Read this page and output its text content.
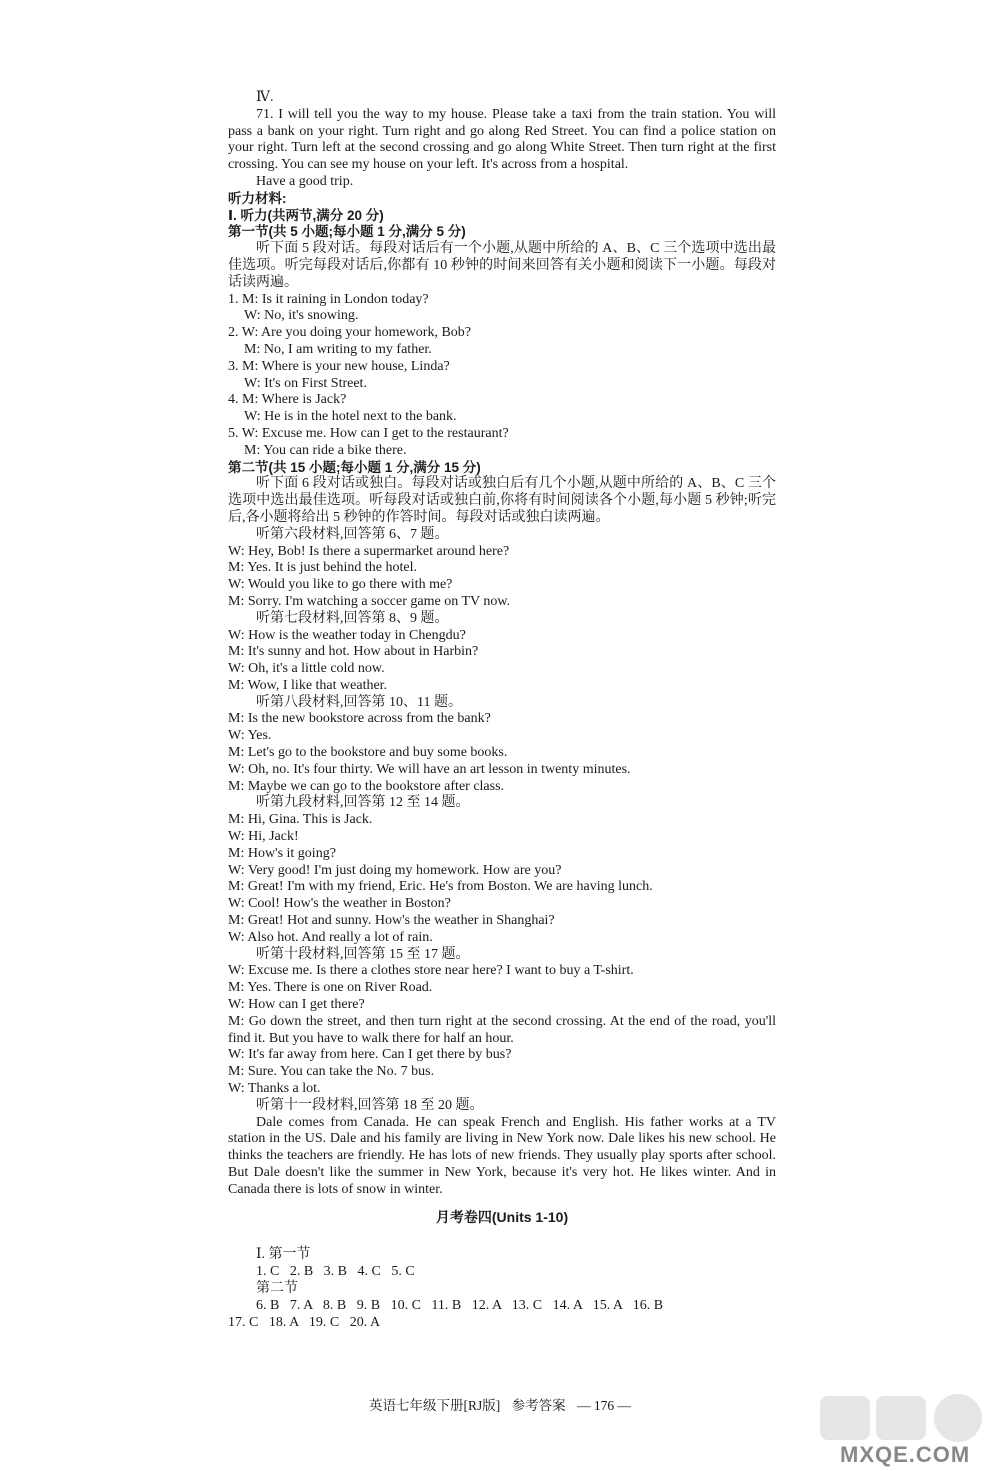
Ⅳ.

71. I will tell you the way to my house. Please take a taxi from the train station. You will pass a bank on your right. Turn right and go along Red Street. You can find a police station on your right. Turn left at the second crossing and go along White Street. Then turn right at the first crossing. You can see my house on your left. It's across from a hospital.

Have a good trip.

听力材料:

Ⅰ. 听力(共两节,满分 20 分)

第一节(共 5 小题;每小题 1 分,满分 5 分)

听下面 5 段对话。每段对话后有一个小题,从题中所给的 A、B、C 三个选项中选出最佳选项。听完每段对话后,你都有 10 秒钟的时间来回答有关小题和阅读下一小题。每段对话读两遍。

1. M: Is it raining in London today?

W: No, it's snowing.

2. W: Are you doing your homework, Bob?

M: No, I am writing to my father.

3. M: Where is your new house, Linda?

W: It's on First Street.

4. M: Where is Jack?

W: He is in the hotel next to the bank.

5. W: Excuse me. How can I get to the restaurant?

M: You can ride a bike there.

第二节(共 15 小题;每小题 1 分,满分 15 分)

听下面 6 段对话或独白。每段对话或独白后有几个小题,从题中所给的 A、B、C 三个选项中选出最佳选项。听每段对话或独白前,你将有时间阅读各个小题,每小题 5 秒钟;听完后,各小题将给出 5 秒钟的作答时间。每段对话或独白读两遍。

听第六段材料,回答第 6、7 题。

W: Hey, Bob! Is there a supermarket around here?

M: Yes. It is just behind the hotel.

W: Would you like to go there with me?

M: Sorry. I'm watching a soccer game on TV now.

听第七段材料,回答第 8、9 题。

W: How is the weather today in Chengdu?

M: It's sunny and hot. How about in Harbin?

W: Oh, it's a little cold now.

M: Wow, I like that weather.

听第八段材料,回答第 10、11 题。

M: Is the new bookstore across from the bank?

W: Yes.

M: Let's go to the bookstore and buy some books.

W: Oh, no. It's four thirty. We will have an art lesson in twenty minutes.

M: Maybe we can go to the bookstore after class.

听第九段材料,回答第 12 至 14 题。

M: Hi, Gina. This is Jack.

W: Hi, Jack!

M: How's it going?

W: Very good! I'm just doing my homework. How are you?

M: Great! I'm with my friend, Eric. He's from Boston. We are having lunch.

W: Cool! How's the weather in Boston?

M: Great! Hot and sunny. How's the weather in Shanghai?

W: Also hot. And really a lot of rain.

听第十段材料,回答第 15 至 17 题。

W: Excuse me. Is there a clothes store near here? I want to buy a T-shirt.

M: Yes. There is one on River Road.

W: How can I get there?

M: Go down the street, and then turn right at the second crossing. At the end of the road, you'll find it. But you have to walk there for half an hour.

W: It's far away from here. Can I get there by bus?

M: Sure. You can take the No. 7 bus.

W: Thanks a lot.

听第十一段材料,回答第 18 至 20 题。

Dale comes from Canada. He can speak French and English. His father works at a TV station in the US. Dale and his family are living in New York now. Dale likes his new school. He thinks the teachers are friendly. He has lots of new friends. They usually play sports after school. But Dale doesn't like the summer in New York, because it's very hot. He likes winter. And in Canada there is lots of snow in winter.

月考卷四(Units 1-10)

Ⅰ. 第一节

1. C   2. B   3. B   4. C   5. C

第二节

6. B   7. A   8. B   9. B   10. C   11. B   12. A   13. C   14. A   15. A   16. B

17. C   18. A   19. C   20. A

英语七年级下册[RJ版] 参考答案 — 176 —
MXQE.COM
